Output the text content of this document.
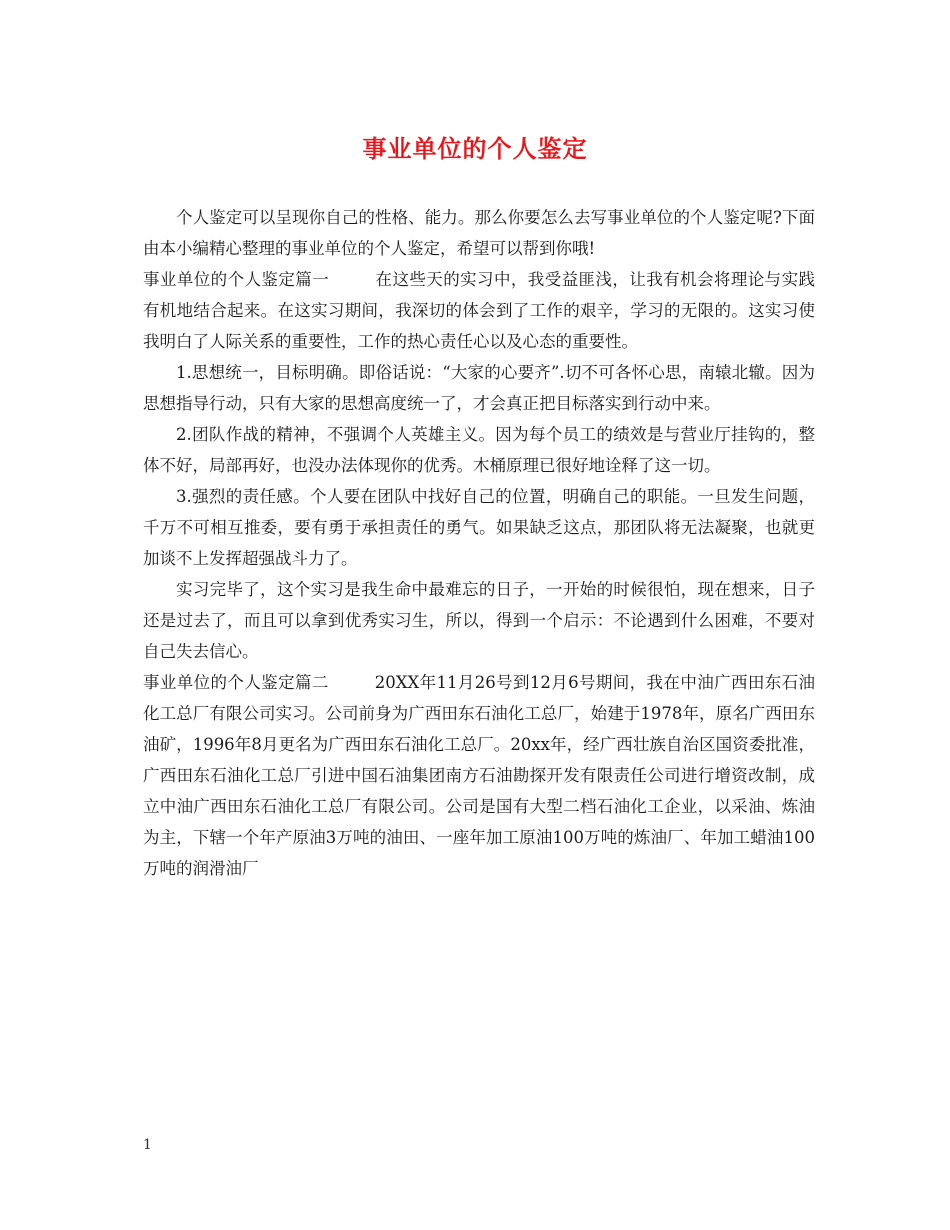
事业单位的个人鉴定

个人鉴定可以呈现你自己的性格、能力。那么你要怎么去写事业单位的个人鉴定呢?下面由本小编精心整理的事业单位的个人鉴定，希望可以帮到你哦!

事业单位的个人鉴定篇一	在这些天的实习中，我受益匪浅，让我有机会将理论与实践有机地结合起来。在这实习期间，我深切的体会到了工作的艰辛，学习的无限的。这实习使我明白了人际关系的重要性，工作的热心责任心以及心态的重要性。

1.思想统一，目标明确。即俗话说：“大家的心要齐”.切不可各怀心思，南辕北辙。因为思想指导行动，只有大家的思想高度统一了，才会真正把目标落实到行动中来。

2.团队作战的精神，不强调个人英雄主义。因为每个员工的绩效是与营业厅挂钩的，整体不好，局部再好，也没办法体现你的优秀。木桶原理已很好地诠释了这一切。

3.强烈的责任感。个人要在团队中找好自己的位置，明确自己的职能。一旦发生问题，千万不可相互推委，要有勇于承担责任的勇气。如果缺乏这点，那团队将无法凝聚，也就更加谈不上发挥超强战斗力了。

实习完毕了，这个实习是我生命中最难忘的日子，一开始的时候很怕，现在想来，日子还是过去了，而且可以拿到优秀实习生，所以，得到一个启示：不论遇到什么困难，不要对自己失去信心。

事业单位的个人鉴定篇二	20XX年11月26号到12月6号期间，我在中油广西田东石油化工总厂有限公司实习。公司前身为广西田东石油化工总厂，始建于1978年，原名广西田东油矿，1996年8月更名为广西田东石油化工总厂。20xx年，经广西壮族自治区国资委批准，广西田东石油化工总厂引进中国石油集团南方石油勘探开发有限责任公司进行增资改制，成立中油广西田东石油化工总厂有限公司。公司是国有大型二档石油化工企业，以采油、炼油为主，下辖一个年产原油3万吨的油田、一座年加工原油100万吨的炼油厂、年加工蜡油100万吨的润滑油厂

1
